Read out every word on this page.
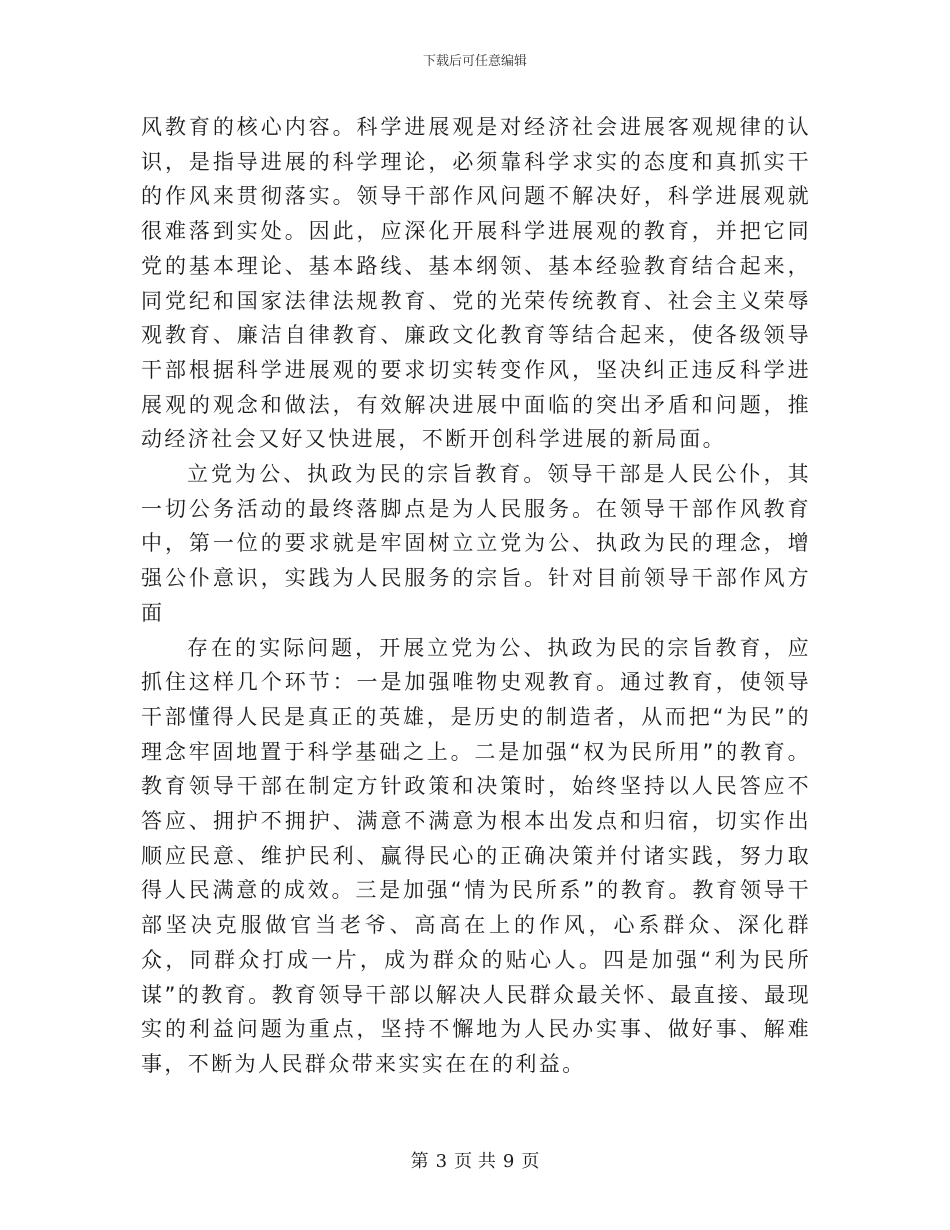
下载后可任意编辑

风教育的核心内容。科学进展观是对经济社会进展客观规律的认识，是指导进展的科学理论，必须靠科学求实的态度和真抓实干的作风来贯彻落实。领导干部作风问题不解决好，科学进展观就很难落到实处。因此，应深化开展科学进展观的教育，并把它同党的基本理论、基本路线、基本纲领、基本经验教育结合起来，同党纪和国家法律法规教育、党的光荣传统教育、社会主义荣辱观教育、廉洁自律教育、廉政文化教育等结合起来，使各级领导干部根据科学进展观的要求切实转变作风，坚决纠正违反科学进展观的观念和做法，有效解决进展中面临的突出矛盾和问题，推动经济社会又好又快进展，不断开创科学进展的新局面。

立党为公、执政为民的宗旨教育。领导干部是人民公仆，其一切公务活动的最终落脚点是为人民服务。在领导干部作风教育中，第一位的要求就是牢固树立立党为公、执政为民的理念，增强公仆意识，实践为人民服务的宗旨。针对目前领导干部作风方面

存在的实际问题，开展立党为公、执政为民的宗旨教育，应抓住这样几个环节：一是加强唯物史观教育。通过教育，使领导干部懂得人民是真正的英雄，是历史的制造者，从而把“为民”的理念牢固地置于科学基础之上。二是加强“权为民所用”的教育。教育领导干部在制定方针政策和决策时，始终坚持以人民答应不答应、拥护不拥护、满意不满意为根本出发点和归宿，切实作出顺应民意、维护民利、赢得民心的正确决策并付诸实践，努力取得人民满意的成效。三是加强“情为民所系”的教育。教育领导干部坚决克服做官当老爷、高高在上的作风，心系群众、深化群众，同群众打成一片，成为群众的贴心人。四是加强“利为民所谋”的教育。教育领导干部以解决人民群众最关怀、最直接、最现实的利益问题为重点，坚持不懈地为人民办实事、做好事、解难事，不断为人民群众带来实实在在的利益。

第 3 页 共 9 页
